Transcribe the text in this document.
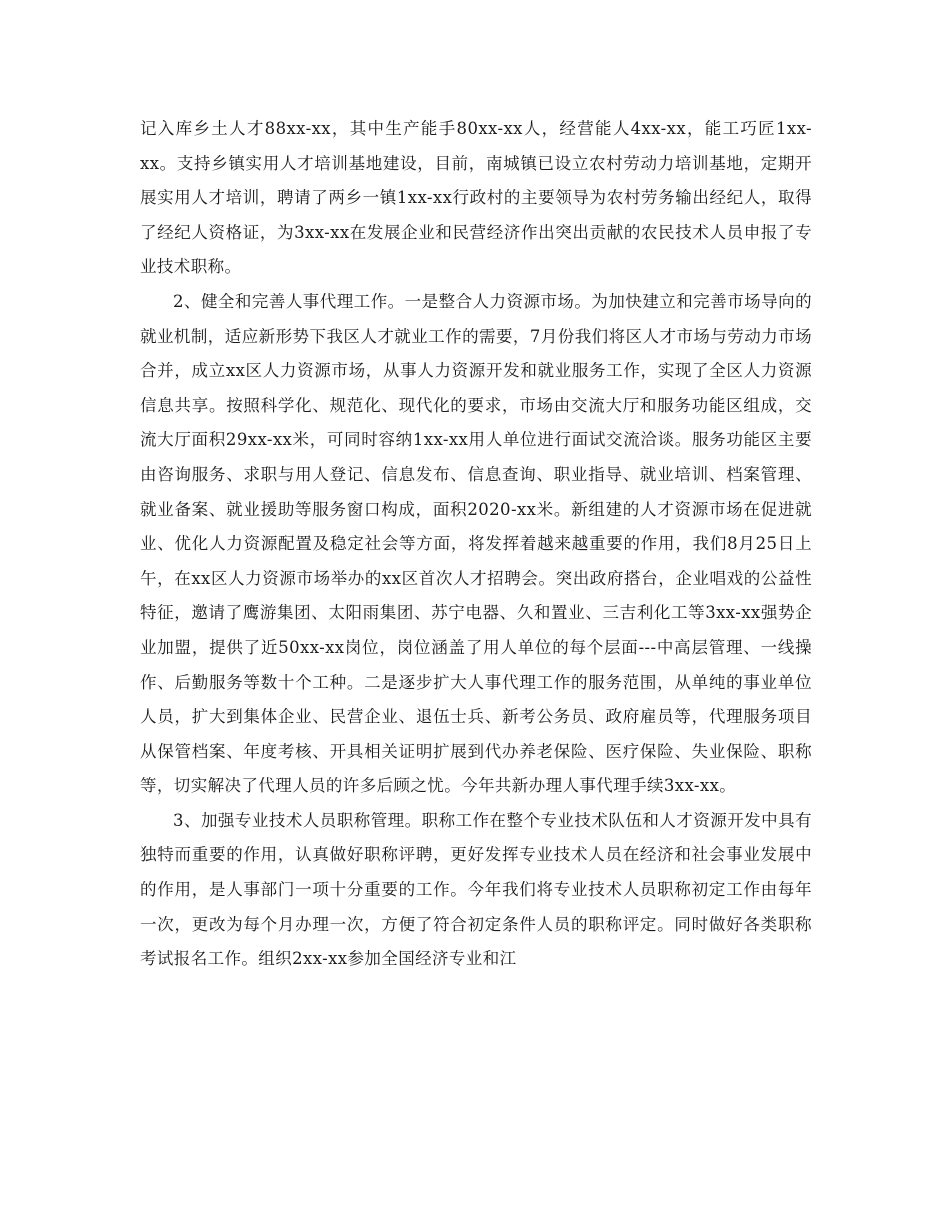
记入库乡土人才88xx-xx，其中生产能手80xx-xx人，经营能人4xx-xx，能工巧匠1xx-xx。支持乡镇实用人才培训基地建设，目前，南城镇已设立农村劳动力培训基地，定期开展实用人才培训，聘请了两乡一镇1xx-xx行政村的主要领导为农村劳务输出经纪人，取得了经纪人资格证，为3xx-xx在发展企业和民营经济作出突出贡献的农民技术人员申报了专业技术职称。

2、健全和完善人事代理工作。一是整合人力资源市场。为加快建立和完善市场导向的就业机制，适应新形势下我区人才就业工作的需要，7月份我们将区人才市场与劳动力市场合并，成立xx区人力资源市场，从事人力资源开发和就业服务工作，实现了全区人力资源信息共享。按照科学化、规范化、现代化的要求，市场由交流大厅和服务功能区组成，交流大厅面积29xx-xx米，可同时容纳1xx-xx用人单位进行面试交流洽谈。服务功能区主要由咨询服务、求职与用人登记、信息发布、信息查询、职业指导、就业培训、档案管理、就业备案、就业援助等服务窗口构成，面积2020-xx米。新组建的人才资源市场在促进就业、优化人力资源配置及稳定社会等方面，将发挥着越来越重要的作用，我们8月25日上午，在xx区人力资源市场举办的xx区首次人才招聘会。突出政府搭台，企业唱戏的公益性特征，邀请了鹰游集团、太阳雨集团、苏宁电器、久和置业、三吉利化工等3xx-xx强势企业加盟，提供了近50xx-xx岗位，岗位涵盖了用人单位的每个层面---中高层管理、一线操作、后勤服务等数十个工种。二是逐步扩大人事代理工作的服务范围，从单纯的事业单位人员，扩大到集体企业、民营企业、退伍士兵、新考公务员、政府雇员等，代理服务项目从保管档案、年度考核、开具相关证明扩展到代办养老保险、医疗保险、失业保险、职称等，切实解决了代理人员的许多后顾之忧。今年共新办理人事代理手续3xx-xx。

3、加强专业技术人员职称管理。职称工作在整个专业技术队伍和人才资源开发中具有独特而重要的作用，认真做好职称评聘，更好发挥专业技术人员在经济和社会事业发展中的作用，是人事部门一项十分重要的工作。今年我们将专业技术人员职称初定工作由每年一次，更改为每个月办理一次，方便了符合初定条件人员的职称评定。同时做好各类职称考试报名工作。组织2xx-xx参加全国经济专业和江
